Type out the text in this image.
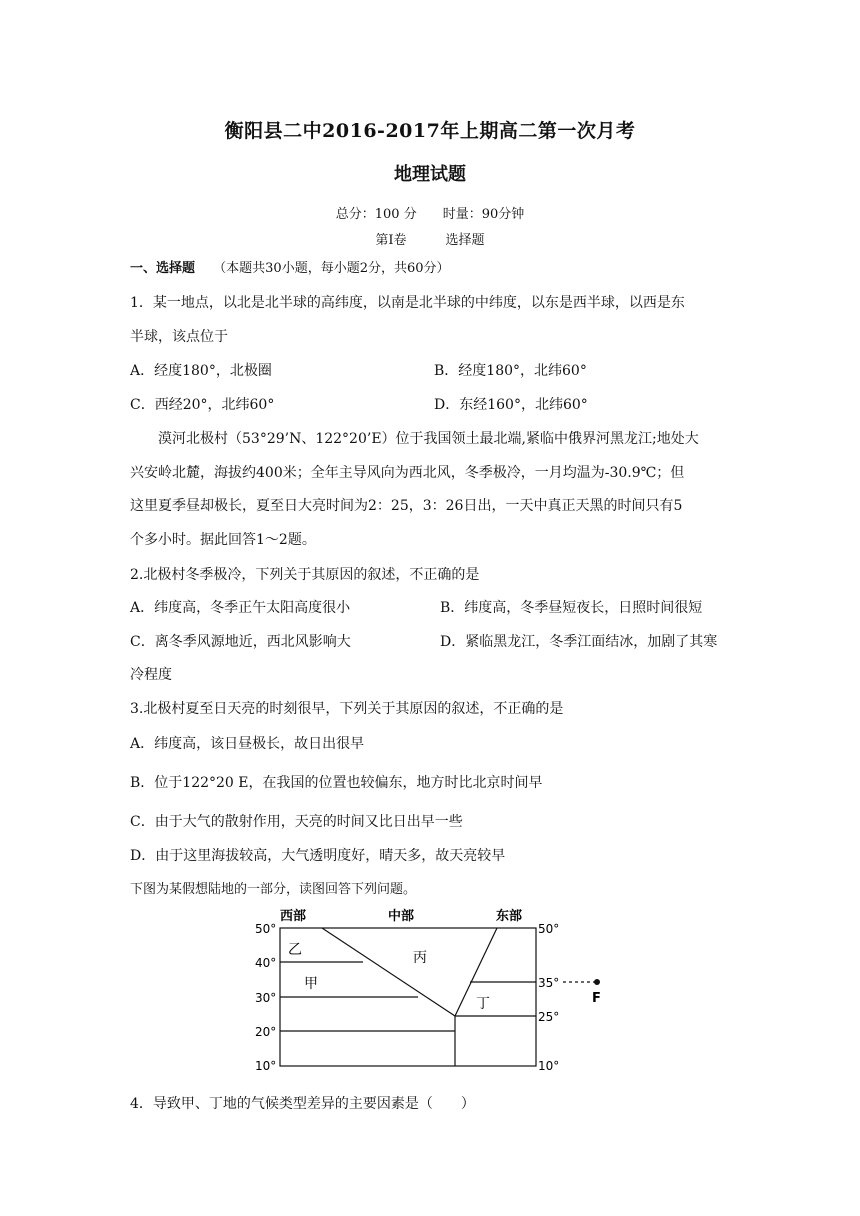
衡阳县二中2016-2017年上期高二第一次月考
地理试题
总分：100 分　　时量：90分钟
第Ⅰ卷　　　选择题
一、选择题 （本题共30小题，每小题2分，共60分）
1．某一地点，以北是北半球的高纬度，以南是北半球的中纬度，以东是西半球，以西是东
半球，该点位于
A．经度180°，北极圈	B．经度180°，北纬60°
C．西经20°，北纬60°	D．东经160°，北纬60°
漠河北极村（53°29’N、122°20’E）位于我国领土最北端,紧临中俄界河黑龙江;地处大
兴安岭北麓，海拔约400米；全年主导风向为西北风，冬季极冷，一月均温为-30.9℃；但
这里夏季昼却极长，夏至日大亮时间为2：25，3：26日出，一天中真正天黑的时间只有5
个多小时。据此回答1～2题。
2.北极村冬季极冷，下列关于其原因的叙述，不正确的是
A．纬度高，冬季正午太阳高度很小	B．纬度高，冬季昼短夜长，日照时间很短
C．离冬季风源地近，西北风影响大	D．紧临黑龙江，冬季江面结冰，加剧了其寒
冷程度
3.北极村夏至日天亮的时刻很早，下列关于其原因的叙述，不正确的是
A．纬度高，该日昼极长，故日出很早
B．位于122°20 E，在我国的位置也较偏东，地方时比北京时间早
C．由于大气的散射作用，天亮的时间又比日出早一些
D．由于这里海拔较高，大气透明度好，晴天多，故天亮较早
下图为某假想陆地的一部分，读图回答下列问题。
西部	中部	东部
50°
40°
30°
20°
10°
50°
35°
25°
10°
乙	丙
甲
丁	F
4．导致甲、丁地的气候类型差异的主要因素是（　　）
